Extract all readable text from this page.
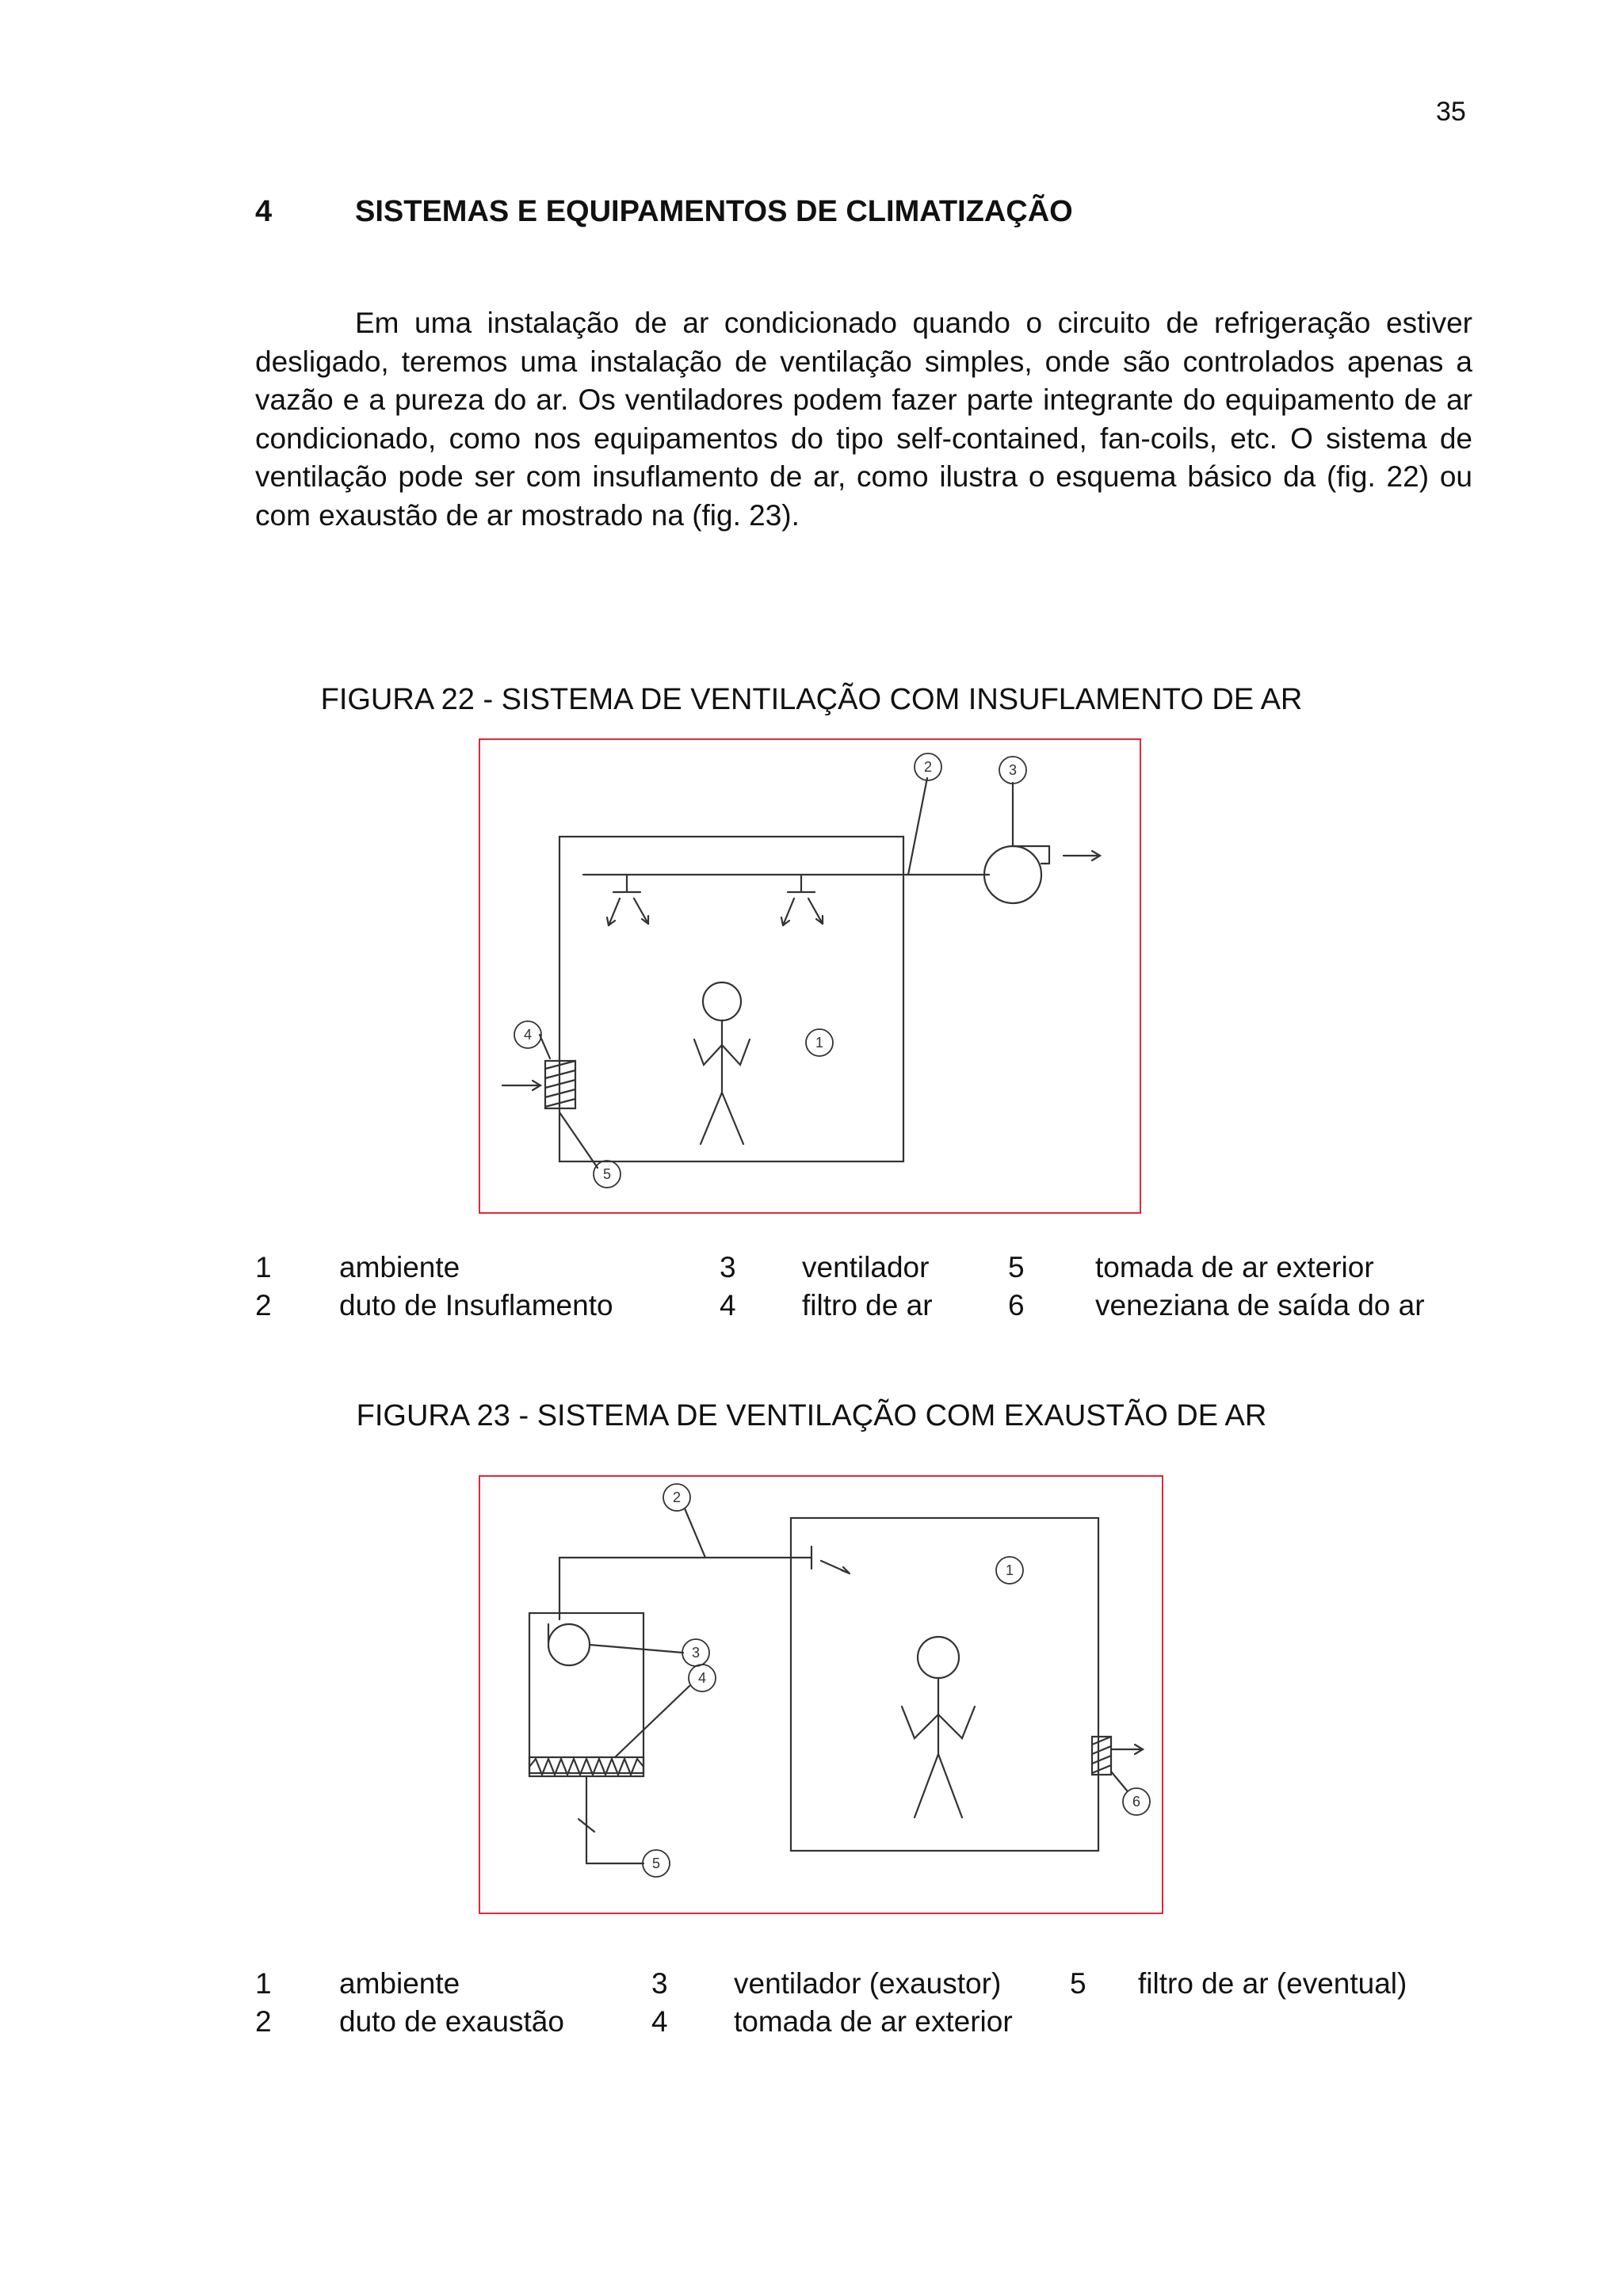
35
4	SISTEMAS E EQUIPAMENTOS DE CLIMATIZAÇÃO

Em uma instalação de ar condicionado quando o circuito de refrigeração estiver desligado, teremos uma instalação de ventilação simples, onde são controlados apenas a vazão e a pureza do ar. Os ventiladores podem fazer parte integrante do equipamento de ar condicionado, como nos equipamentos do tipo self-contained, fan-coils, etc. O sistema de ventilação pode ser com insuflamento de ar, como ilustra o esquema básico da (fig. 22) ou com exaustão de ar mostrado na (fig. 23).

FIGURA 22 - SISTEMA DE VENTILAÇÃO COM INSUFLAMENTO DE AR
1
2	3
4
5
1	ambiente	3	ventilador	5	tomada de ar exterior
2	duto de Insuflamento	4	filtro de ar	6	veneziana de saída do ar
FIGURA 23 - SISTEMA DE VENTILAÇÃO COM EXAUSTÃO DE AR
1
2
3
4
5
6
1	ambiente	3	ventilador (exaustor)	5	filtro de ar (eventual)
2	duto de exaustão	4	tomada de ar exterior		
